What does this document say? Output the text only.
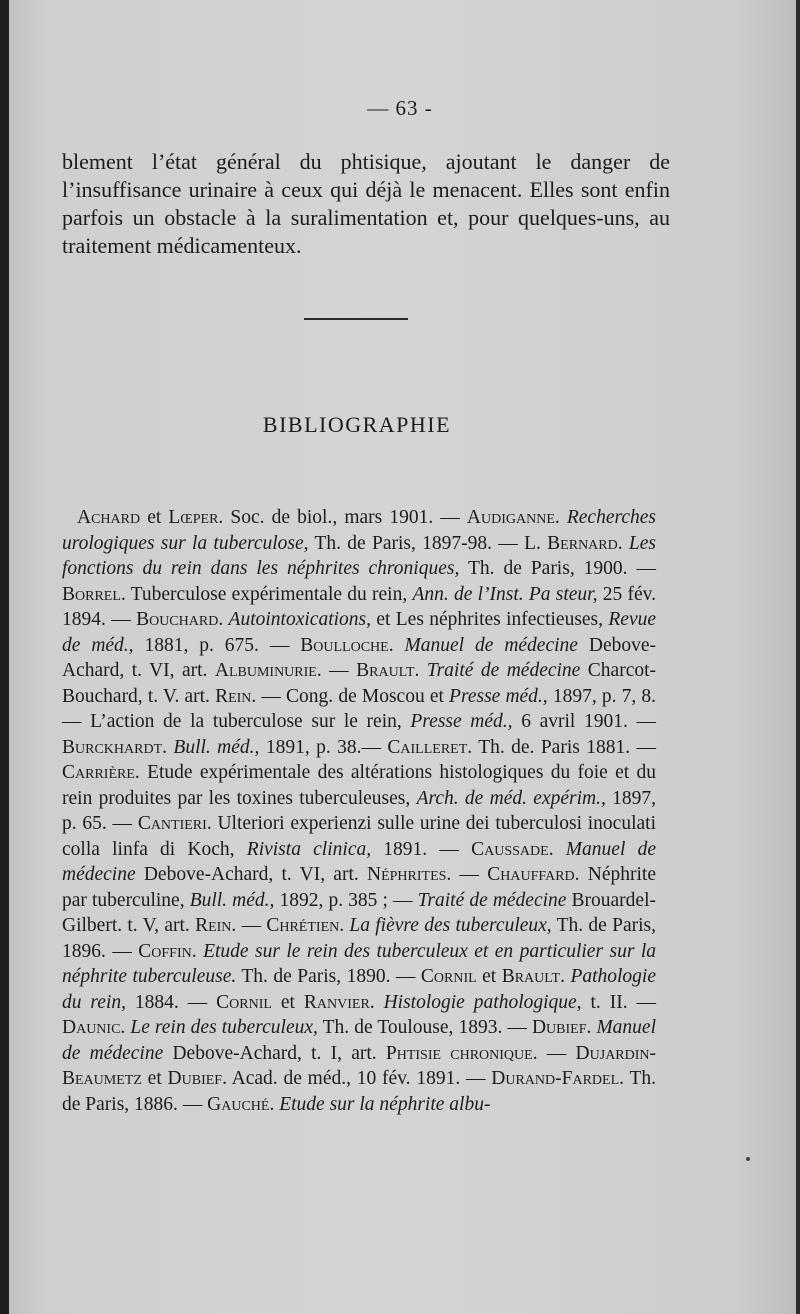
— 63 -

blement l’état général du phtisique, ajoutant le danger de l’insuffisance urinaire à ceux qui déjà le menacent. Elles sont enfin parfois un obstacle à la suralimentation et, pour quelques-uns, au traitement médicamenteux.

BIBLIOGRAPHIE

Achard et Lœper. Soc. de biol., mars 1901. — Audiganne. Recherches urologiques sur la tuberculose, Th. de Paris, 1897-98. — L. Bernard. Les fonctions du rein dans les néphrites chroniques, Th. de Paris, 1900. — Borrel. Tuberculose expérimentale du rein, Ann. de l’Inst. Pa steur, 25 fév. 1894. — Bouchard. Autointoxications, et Les néphrites infectieuses, Revue de méd., 1881, p. 675. — Boulloche. Manuel de médecine Debove-Achard, t. VI, art. Albuminurie. — Brault. Traité de médecine Charcot-Bouchard, t. V. art. Rein. — Cong. de Moscou et Presse méd., 1897, p. 7, 8. — L’action de la tuberculose sur le rein, Presse méd., 6 avril 1901. — Burckhardt. Bull. méd., 1891, p. 38.— Cailleret. Th. de. Paris 1881. — Carrière. Etude expérimentale des altérations histologiques du foie et du rein produites par les toxines tuberculeuses, Arch. de méd. expérim., 1897, p. 65. — Cantieri. Ulteriori experienzi sulle urine dei tuberculosi inoculati colla linfa di Koch, Rivista clinica, 1891. — Caussade. Manuel de médecine Debove-Achard, t. VI, art. Néphrites. — Chauffard. Néphrite par tuberculine, Bull. méd., 1892, p. 385 ; — Traité de médecine Brouardel-Gilbert. t. V, art. Rein. — Chrétien. La fièvre des tuberculeux, Th. de Paris, 1896. — Coffin. Etude sur le rein des tuberculeux et en particulier sur la néphrite tuberculeuse. Th. de Paris, 1890. — Cornil et Brault. Pathologie du rein, 1884. — Cornil et Ranvier. Histologie pathologique, t. II. — Daunic. Le rein des tuberculeux, Th. de Toulouse, 1893. — Dubief. Manuel de médecine Debove-Achard, t. I, art. Phtisie chronique. — Dujardin-Beaumetz et Dubief. Acad. de méd., 10 fév. 1891. — Durand-Fardel. Th. de Paris, 1886. — Gauché. Etude sur la néphrite albu-
